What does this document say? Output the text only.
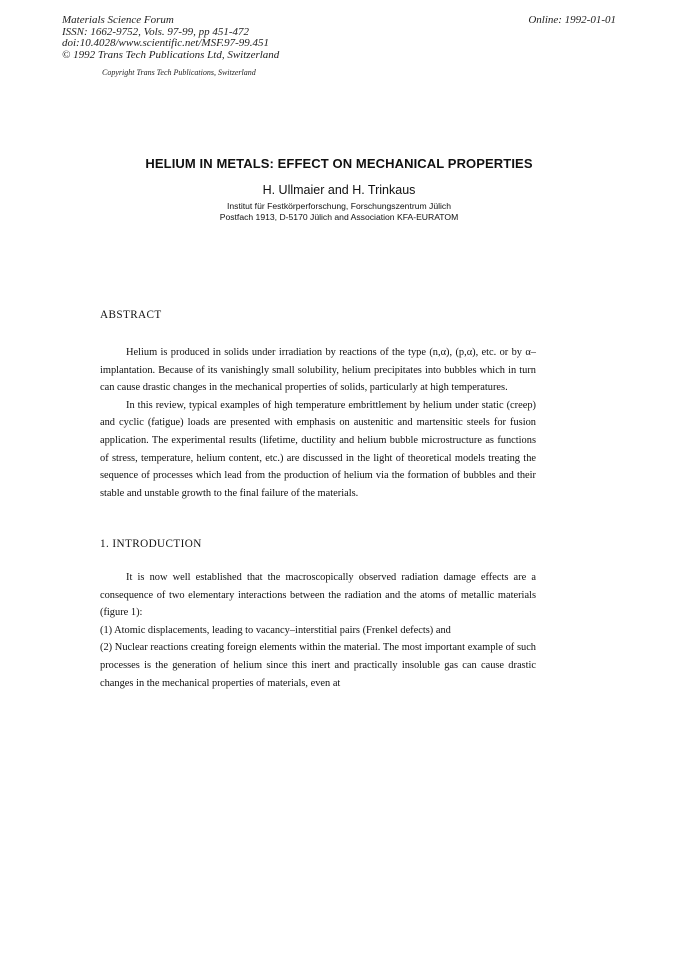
Materials Science Forum
ISSN: 1662-9752, Vols. 97-99, pp 451-472
doi:10.4028/www.scientific.net/MSF.97-99.451
© 1992 Trans Tech Publications Ltd, Switzerland
Copyright Trans Tech Publications, Switzerland
Online: 1992-01-01
HELIUM IN METALS: EFFECT ON MECHANICAL PROPERTIES
H. Ullmaier and H. Trinkaus
Institut für Festkörperforschung, Forschungszentrum Jülich
Postfach 1913, D-5170 Jülich and Association KFA-EURATOM
ABSTRACT

Helium is produced in solids under irradiation by reactions of the type (n,α), (p,α), etc. or by α–implantation. Because of its vanishingly small solubility, helium precipitates into bubbles which in turn can cause drastic changes in the mechanical properties of solids, particularly at high temperatures.

In this review, typical examples of high temperature embrittlement by helium under static (creep) and cyclic (fatigue) loads are presented with emphasis on austenitic and martensitic steels for fusion application. The experimental results (lifetime, ductility and helium bubble microstructure as functions of stress, temperature, helium content, etc.) are discussed in the light of theoretical models treating the sequence of processes which lead from the production of helium via the formation of bubbles and their stable and unstable growth to the final failure of the materials.

1. INTRODUCTION

It is now well established that the macroscopically observed radiation damage effects are a consequence of two elementary interactions between the radiation and the atoms of metallic materials (figure 1):

(1) Atomic displacements, leading to vacancy–interstitial pairs (Frenkel defects) and

(2) Nuclear reactions creating foreign elements within the material. The most important example of such processes is the generation of helium since this inert and practically insoluble gas can cause drastic changes in the mechanical properties of materials, even at
